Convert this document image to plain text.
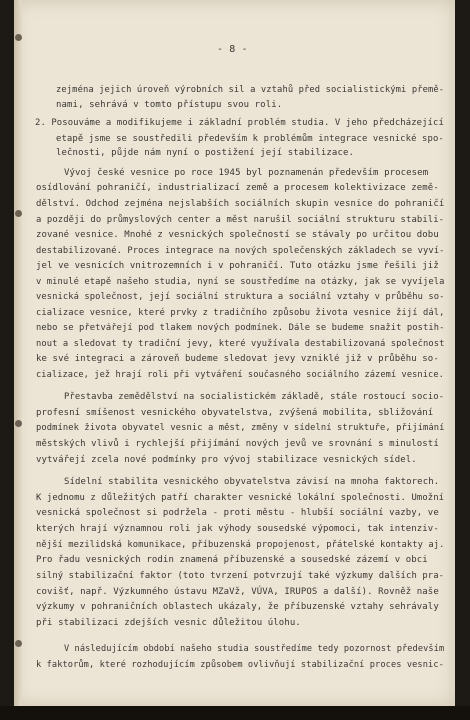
- 8 -
zejména jejich úroveň výrobních sil a vztahů před socialistickými přemě-
nami, sehrává v tomto přístupu svou roli.
2. Posouváme a modifikujeme i základní problém studia. V jeho předcházející
etapě jsme se soustředili především k problémům integrace vesnické spo-
lečnosti, půjde nám nyní o postižení její stabilizace.
Vývoj české vesnice po roce 1945 byl poznamenán především procesem
osídlování pohraničí, industrializací země a procesem kolektivizace země-
dělství. Odchod zejména nejslabších sociálních skupin vesnice do pohraničí
a později do průmyslových center a měst narušil sociální strukturu stabili-
zované vesnice. Mnohé z vesnických společností se stávaly po určitou dobu
destabilizované. Proces integrace na nových společenských základech se vyví-
jel ve vesnicích vnitrozemních i v pohraničí. Tuto otázku jsme řešili již
v minulé etapě našeho studia, nyní se soustředíme na otázky, jak se vyvíjela
vesnická společnost, její sociální struktura a sociální vztahy v průběhu so-
cializace vesnice, které prvky z tradičního způsobu života vesnice žijí dál,
nebo se přetvářejí pod tlakem nových podmínek. Dále se budeme snažit postih-
nout a sledovat ty tradiční jevy, které využívala destabilizovaná společnost
ke své integraci a zároveň budeme sledovat jevy vzniklé již v průběhu so-
cializace, jež hrají roli při vytváření současného sociálního zázemí vesnice.
Přestavba zemědělství na socialistickém základě, stále rostoucí socio-
profesní smíšenost vesnického obyvatelstva, zvýšená mobilita, sbližování
podmínek života obyvatel vesnic a měst, změny v sídelní struktuře, přijímání
městských vlivů i rychlejší přijímání nových jevů ve srovnání s minulostí
vytvářejí zcela nové podmínky pro vývoj stabilizace vesnických sídel.
Sídelní stabilita vesnického obyvatelstva závisí na mnoha faktorech.
K jednomu z důležitých patří charakter vesnické lokální společnosti. Umožní
vesnická společnost si podržela - proti městu - hlubší sociální vazby, ve
kterých hrají významnou roli jak výhody sousedské výpomoci, tak intenziv-
nější mezilidská komunikace, příbuzenská propojenost, přátelské kontakty aj.
Pro řadu vesnických rodin znamená příbuzenské a sousedské zázemí v obci
silný stabilizační faktor (toto tvrzení potvrzují také výzkumy dalších pra-
covišť, např. Výzkumného ústavu MZaVž, VÚVA, IRUPOS a další). Rovněž naše
výzkumy v pohraničních oblastech ukázaly, že příbuzenské vztahy sehrávaly
při stabilizaci zdejších vesnic důležitou úlohu.
V následujícím období našeho studia soustředíme tedy pozornost především
k faktorům, které rozhodujícím způsobem ovlivňují stabilizační proces vesnic-
